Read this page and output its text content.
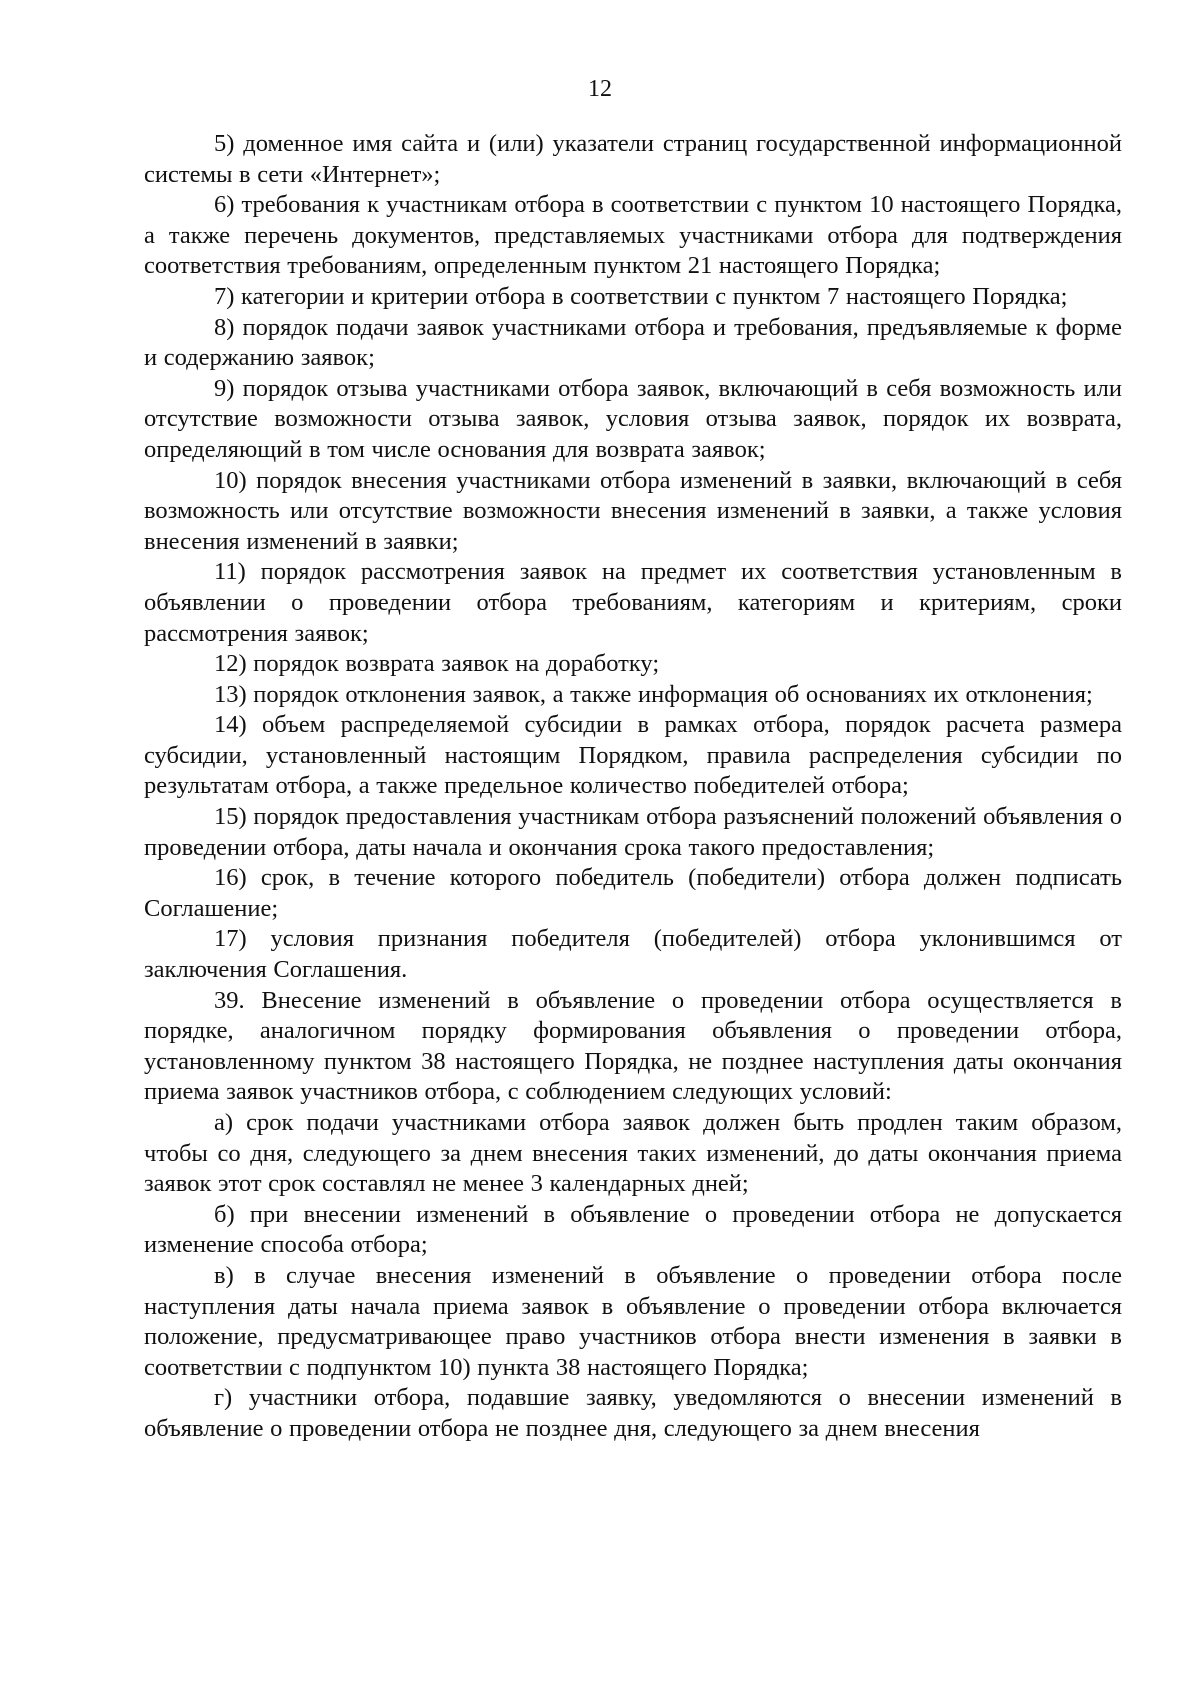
12

5) доменное имя сайта и (или) указатели страниц государственной информационной системы в сети «Интернет»;

6) требования к участникам отбора в соответствии с пунктом 10 настоящего Порядка, а также перечень документов, представляемых участниками отбора для подтверждения соответствия требованиям, определенным пунктом 21 настоящего Порядка;

7) категории и критерии отбора в соответствии с пунктом 7 настоящего Порядка;

8) порядок подачи заявок участниками отбора и требования, предъявляемые к форме и содержанию заявок;

9) порядок отзыва участниками отбора заявок, включающий в себя возможность или отсутствие возможности отзыва заявок, условия отзыва заявок, порядок их возврата, определяющий в том числе основания для возврата заявок;

10) порядок внесения участниками отбора изменений в заявки, включающий в себя возможность или отсутствие возможности внесения изменений в заявки, а также условия внесения изменений в заявки;

11) порядок рассмотрения заявок на предмет их соответствия установленным в объявлении о проведении отбора требованиям, категориям и критериям, сроки рассмотрения заявок;

12) порядок возврата заявок на доработку;

13) порядок отклонения заявок, а также информация об основаниях их отклонения;

14) объем распределяемой субсидии в рамках отбора, порядок расчета размера субсидии, установленный настоящим Порядком, правила распределения субсидии по результатам отбора, а также предельное количество победителей отбора;

15) порядок предоставления участникам отбора разъяснений положений объявления о проведении отбора, даты начала и окончания срока такого предоставления;

16) срок, в течение которого победитель (победители) отбора должен подписать Соглашение;

17) условия признания победителя (победителей) отбора уклонившимся от заключения Соглашения.

39. Внесение изменений в объявление о проведении отбора осуществляется в порядке, аналогичном порядку формирования объявления о проведении отбора, установленному пунктом 38 настоящего Порядка, не позднее наступления даты окончания приема заявок участников отбора, с соблюдением следующих условий:

а) срок подачи участниками отбора заявок должен быть продлен таким образом, чтобы со дня, следующего за днем внесения таких изменений, до даты окончания приема заявок этот срок составлял не менее 3 календарных дней;

б) при внесении изменений в объявление о проведении отбора не допускается изменение способа отбора;

в) в случае внесения изменений в объявление о проведении отбора после наступления даты начала приема заявок в объявление о проведении отбора включается положение, предусматривающее право участников отбора внести изменения в заявки в соответствии с подпунктом 10) пункта 38 настоящего Порядка;

г) участники отбора, подавшие заявку, уведомляются о внесении изменений в объявление о проведении отбора не позднее дня, следующего за днем внесения
